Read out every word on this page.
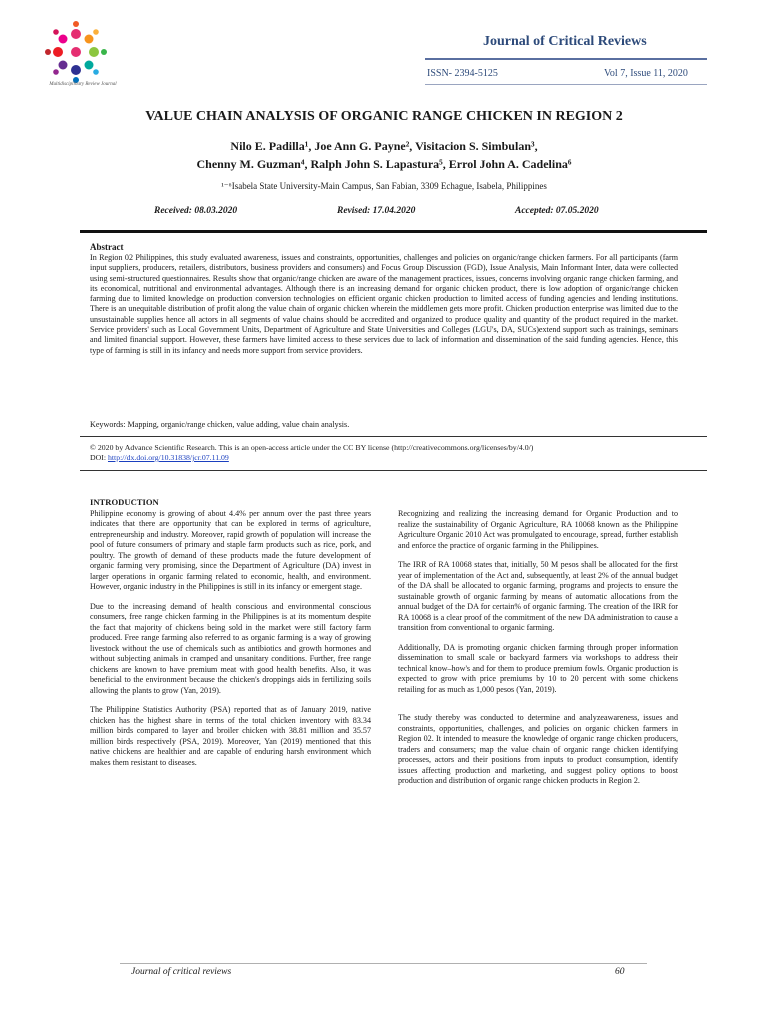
Multidisciplinary Review Journal
Journal of Critical Reviews
ISSN- 2394-5125	Vol 7, Issue 11, 2020
VALUE CHAIN ANALYSIS OF ORGANIC RANGE CHICKEN IN REGION 2
Nilo E. Padilla¹, Joe Ann G. Payne², Visitacion S. Simbulan³,
Chenny M. Guzman⁴, Ralph John S. Lapastura⁵, Errol John A. Cadelina⁶
¹⁻⁶Isabela State University-Main Campus, San Fabian, 3309 Echague, Isabela, Philippines
Received: 08.03.2020	Revised: 17.04.2020	Accepted: 07.05.2020
Abstract
In Region 02 Philippines, this study evaluated awareness, issues and constraints, opportunities, challenges and policies on organic/range chicken farmers. For all participants (farm input suppliers, producers, retailers, distributors, business providers and consumers) and Focus Group Discussion (FGD), Issue Analysis, Main Informant Inter, data were collected using semi-structured questionnaires. Results show that organic/range chicken are aware of the management practices, issues, concerns involving organic range chicken farming, and its economical, nutritional and environmental advantages. Although there is an increasing demand for organic chicken product, there is low adoption of organic/range chicken farming due to limited knowledge on production conversion technologies on efficient organic chicken production to limited access of funding agencies and lending institutions. There is an unequitable distribution of profit along the value chain of organic chicken wherein the middlemen gets more profit. Chicken production enterprise was limited due to the unsustainable supplies hence all actors in all segments of value chains should be accredited and organized to produce quality and quantity of the product required in the market. Service providers' such as Local Government Units, Department of Agriculture and State Universities and Colleges (LGU's, DA, SUCs)extend support such as trainings, seminars and limited financial support. However, these farmers have limited access to these services due to lack of information and dissemination of the said funding agencies. Hence, this type of farming is still in its infancy and needs more support from service providers.
Keywords: Mapping, organic/range chicken, value adding, value chain analysis.
© 2020 by Advance Scientific Research. This is an open-access article under the CC BY license (http://creativecommons.org/licenses/by/4.0/)
DOI: http://dx.doi.org/10.31838/jcr.07.11.09
INTRODUCTION

Philippine economy is growing of about 4.4% per annum over the past three years indicates that there are opportunity that can be explored in terms of agriculture, entrepreneurship and industry. Moreover, rapid growth of population will increase the pool of future consumers of primary and staple farm products such as rice, pork, and poultry. The growth of demand of these products made the future development of organic farming very promising, since the Department of Agriculture (DA) invest in larger operations in organic farming related to economic, health, and environment. However, organic industry in the Philippines is still in its infancy or emergent stage.

Due to the increasing demand of health conscious and environmental conscious consumers, free range chicken farming in the Philippines is at its momentum despite the fact that majority of chickens being sold in the market were still factory farm produced. Free range farming also referred to as organic farming is a way of growing livestock without the use of chemicals such as antibiotics and growth hormones and without subjecting animals in cramped and unsanitary conditions. Further, free range chickens are known to have premium meat with good health benefits. Also, it was beneficial to the environment because the chicken's droppings aids in fertilizing soils allowing the plants to grow (Yan, 2019).

The Philippine Statistics Authority (PSA) reported that as of January 2019, native chicken has the highest share in terms of the total chicken inventory with 83.34 million birds compared to layer and broiler chicken with 38.81 million and 35.57 million birds respectively (PSA, 2019). Moreover, Yan (2019) mentioned that this native chickens are healthier and are capable of enduring harsh environment which makes them resistant to diseases.

Recognizing and realizing the increasing demand for Organic Production and to realize the sustainability of Organic Agriculture, RA 10068 known as the Philippine Agriculture Organic 2010 Act was promulgated to encourage, spread, further establish and enforce the practice of organic farming in the Philippines.

The IRR of RA 10068 states that, initially, 50 M pesos shall be allocated for the first year of implementation of the Act and, subsequently, at least 2% of the annual budget of the DA shall be allocated to organic farming, programs and projects to ensure the sustainable growth of organic farming by means of automatic allocations from the annual budget of the DA for certain% of organic farming. The creation of the IRR for RA 10068 is a clear proof of the commitment of the new DA administration to cause a transition from conventional to organic farming.

Additionally, DA is promoting organic chicken farming through proper information dissemination to small scale or backyard farmers via workshops to address their technical know–how's and for them to produce premium fowls. Organic production is expected to grow with price premiums by 10 to 20 percent with some chickens retailing for as much as 1,000 pesos (Yan, 2019).

The study thereby was conducted to determine and analyzeawareness, issues and constraints, opportunities, challenges, and policies on organic chicken farmers in Region 02. It intended to measure the knowledge of organic range chicken producers, traders and consumers; map the value chain of organic range chicken identifying processes, actors and their positions from inputs to product consumption, identify issues affecting production and marketing, and suggest policy options to boost production and distribution of organic range chicken products in Region 2.

Journal of critical reviews	60
